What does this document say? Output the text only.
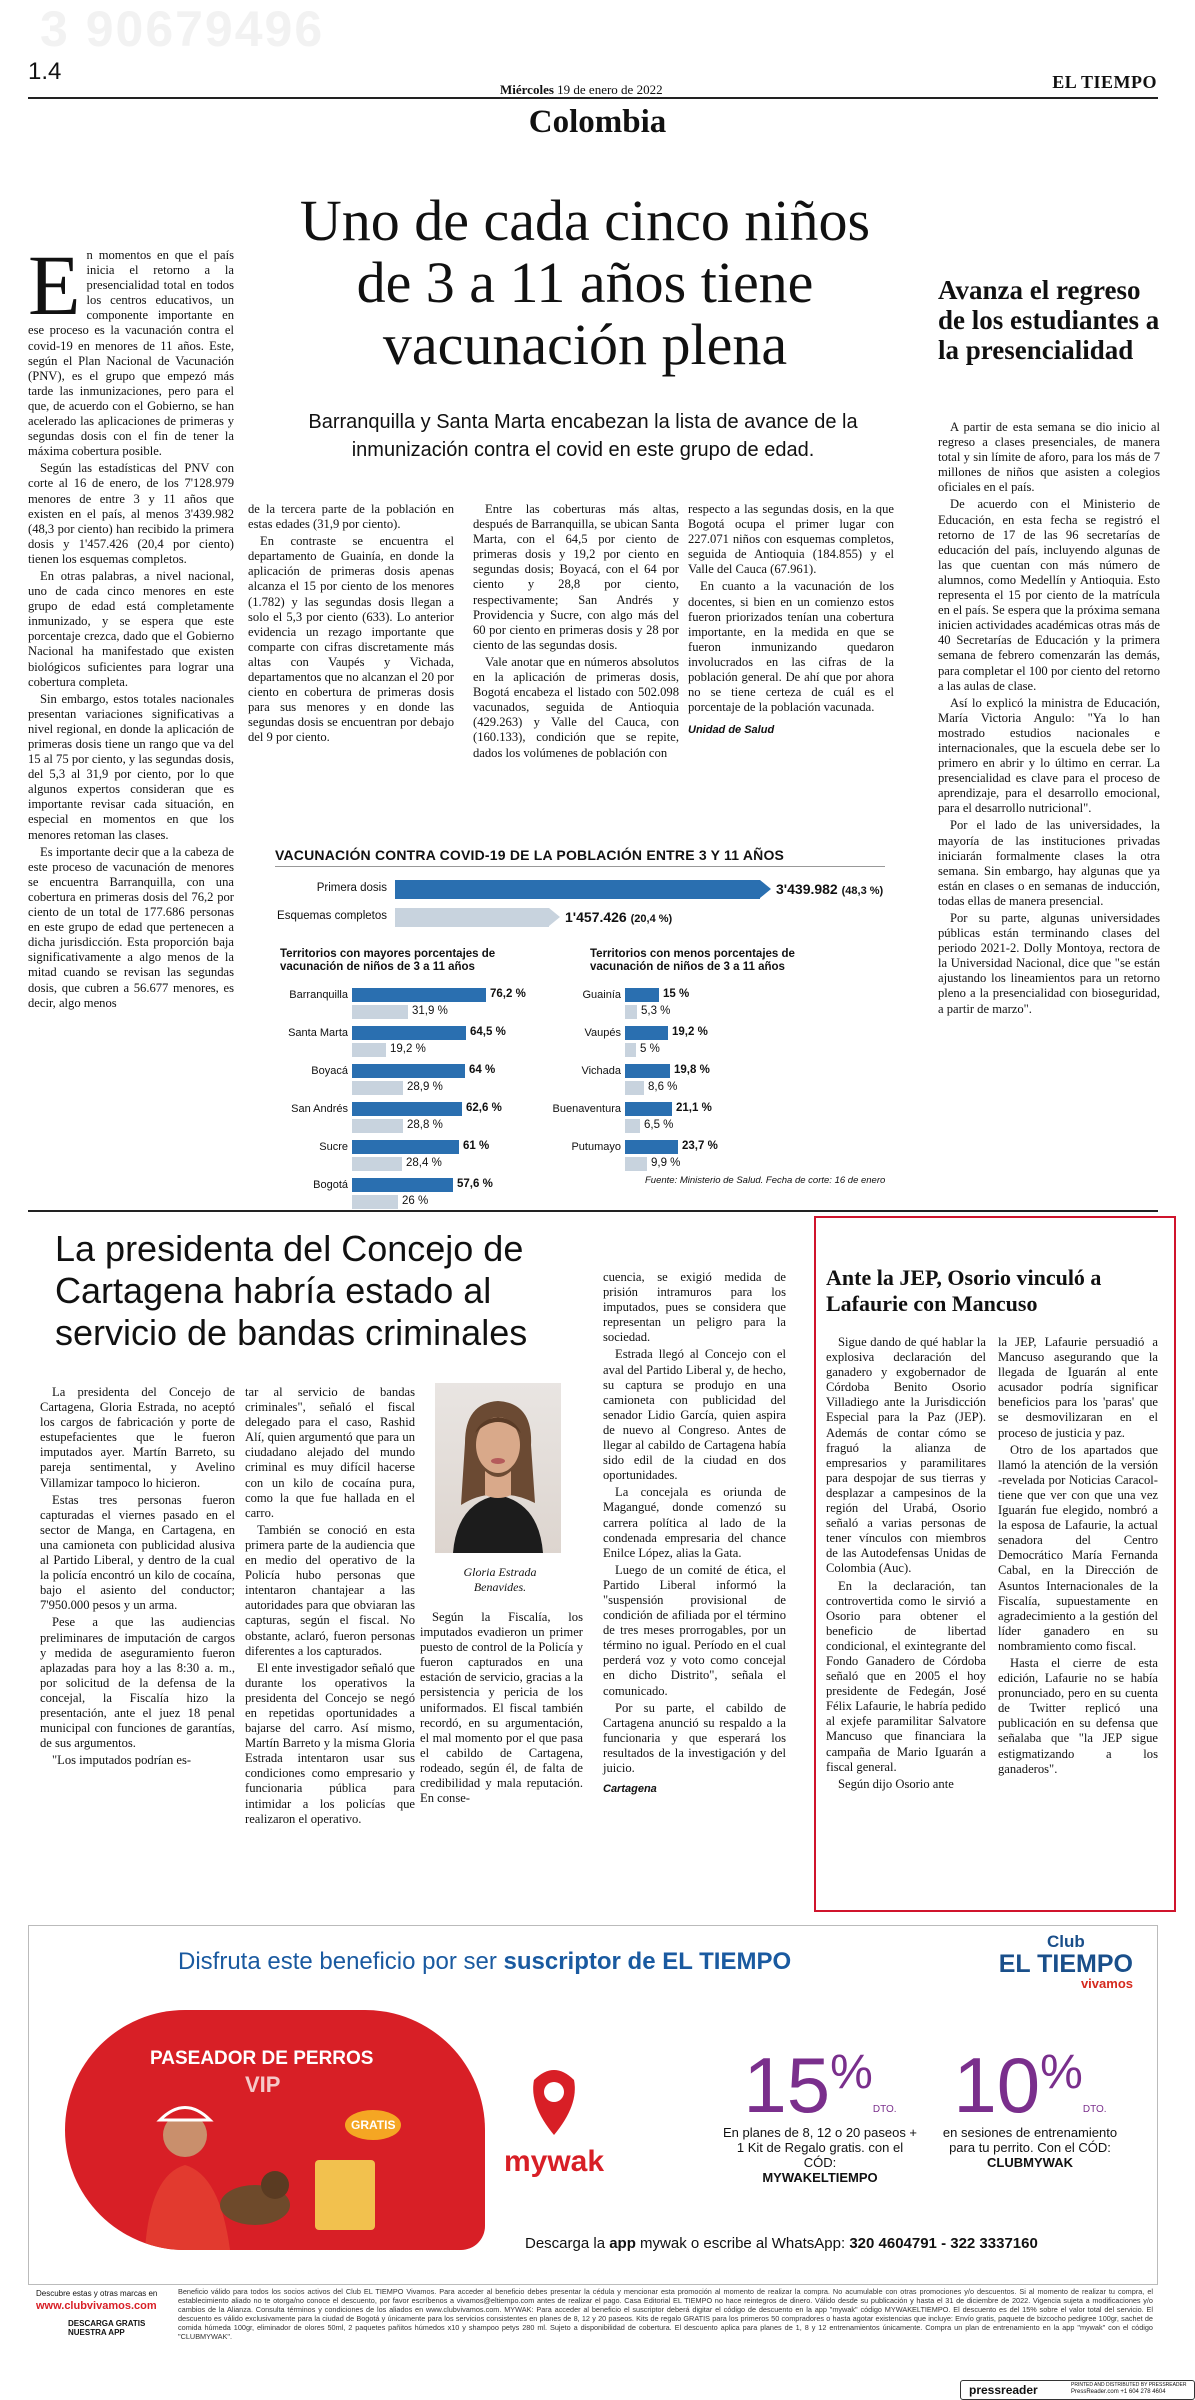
3 90679496
1.4
Miércoles 19 de enero de 2022	EL TIEMPO
Colombia
Uno de cada cinco niños de 3 a 11 años tiene vacunación plena
Barranquilla y Santa Marta encabezan la lista de avance de la inmunización contra el covid en este grupo de edad.
E n momentos en que el país inicia el retorno a la presencialidad total en todos los centros educativos, un componente importante en ese proceso es la vacunación contra el covid-19 en menores de 11 años. Este, según el Plan Nacional de Vacunación (PNV), es el grupo que empezó más tarde las inmunizaciones, pero para el que, de acuerdo con el Gobierno, se han acelerado las aplicaciones de primeras y segundas dosis con el fin de tener la máxima cobertura posible.

Según las estadísticas del PNV con corte al 16 de enero, de los 7'128.979 menores de entre 3 y 11 años que existen en el país, al menos 3'439.982 (48,3 por ciento) han recibido la primera dosis y 1'457.426 (20,4 por ciento) tienen los esquemas completos.

En otras palabras, a nivel nacional, uno de cada cinco menores en este grupo de edad está completamente inmunizado, y se espera que este porcentaje crezca, dado que el Gobierno Nacional ha manifestado que existen biológicos suficientes para lograr una cobertura completa.

Sin embargo, estos totales nacionales presentan variaciones significativas a nivel regional, en donde la aplicación de primeras dosis tiene un rango que va del 15 al 75 por ciento, y las segundas dosis, del 5,3 al 31,9 por ciento, por lo que algunos expertos consideran que es importante revisar cada situación, en especial en momentos en que los menores retoman las clases.

Es importante decir que a la cabeza de este proceso de vacunación de menores se encuentra Barranquilla, con una cobertura en primeras dosis del 76,2 por ciento de un total de 177.686 personas en este grupo de edad que pertenecen a dicha jurisdicción. Esta proporción baja significativamente a algo menos de la mitad cuando se revisan las segundas dosis, que cubren a 56.677 menores, es decir, algo menos

de la tercera parte de la población en estas edades (31,9 por ciento).

En contraste se encuentra el departamento de Guainía, en donde la aplicación de primeras dosis apenas alcanza el 15 por ciento de los menores (1.782) y las segundas dosis llegan a solo el 5,3 por ciento (633). Lo anterior evidencia un rezago importante que comparte con cifras discretamente más altas con Vaupés y Vichada, departamentos que no alcanzan el 20 por ciento en cobertura de primeras dosis para sus menores y en donde las segundas dosis se encuentran por debajo del 9 por ciento.

Entre las coberturas más altas, después de Barranquilla, se ubican Santa Marta, con el 64,5 por ciento de primeras dosis y 19,2 por ciento en segundas dosis; Boyacá, con el 64 por ciento y 28,8 por ciento, respectivamente; San Andrés y Providencia y Sucre, con algo más del 60 por ciento en primeras dosis y 28 por ciento de las segundas dosis.

Vale anotar que en números absolutos en la aplicación de primeras dosis, Bogotá encabeza el listado con 502.098 vacunados, seguida de Antioquia (429.263) y Valle del Cauca, con (160.133), condición que se repite, dados los volúmenes de población con

respecto a las segundas dosis, en la que Bogotá ocupa el primer lugar con 227.071 niños con esquemas completos, seguida de Antioquia (184.855) y el Valle del Cauca (67.961).

En cuanto a la vacunación de los docentes, si bien en un comienzo estos fueron priorizados tenían una cobertura importante, en la medida en que se fueron inmunizando quedaron involucrados en las cifras de la población general. De ahí que por ahora no se tiene certeza de cuál es el porcentaje de la población vacunada.

Unidad de Salud
VACUNACIÓN CONTRA COVID-19 DE LA POBLACIÓN ENTRE 3 Y 11 AÑOS
Fuente: Ministerio de Salud. Fecha de corte: 16 de enero
Avanza el regreso de los estudiantes a la presencialidad

A partir de esta semana se dio inicio al regreso a clases presenciales, de manera total y sin límite de aforo, para los más de 7 millones de niños que asisten a colegios oficiales en el país.

De acuerdo con el Ministerio de Educación, en esta fecha se registró el retorno de 17 de las 96 secretarías de educación del país, incluyendo algunas de las que cuentan con más número de alumnos, como Medellín y Antioquia. Esto representa el 15 por ciento de la matrícula en el país. Se espera que la próxima semana inicien actividades académicas otras más de 40 Secretarías de Educación y la primera semana de febrero comenzarán las demás, para completar el 100 por ciento del retorno a las aulas de clase.

Así lo explicó la ministra de Educación, María Victoria Angulo: "Ya lo han mostrado estudios nacionales e internacionales, que la escuela debe ser lo primero en abrir y lo último en cerrar. La presencialidad es clave para el proceso de aprendizaje, para el desarrollo emocional, para el desarrollo nutricional".

Por el lado de las universidades, la mayoría de las instituciones privadas iniciarán formalmente clases la otra semana. Sin embargo, hay algunas que ya están en clases o en semanas de inducción, todas ellas de manera presencial.

Por su parte, algunas universidades públicas están terminando clases del periodo 2021-2. Dolly Montoya, rectora de la Universidad Nacional, dice que "se están ajustando los lineamientos para un retorno pleno a la presencialidad con bioseguridad, a partir de marzo".

La presidenta del Concejo de Cartagena habría estado al servicio de bandas criminales

La presidenta del Concejo de Cartagena, Gloria Estrada, no aceptó los cargos de fabricación y porte de estupefacientes que le fueron imputados ayer. Martín Barreto, su pareja sentimental, y Avelino Villamizar tampoco lo hicieron.

Estas tres personas fueron capturadas el viernes pasado en el sector de Manga, en Cartagena, en una camioneta con publicidad alusiva al Partido Liberal, y dentro de la cual la policía encontró un kilo de cocaína, bajo el asiento del conductor; 7'950.000 pesos y un arma.

Pese a que las audiencias preliminares de imputación de cargos y medida de aseguramiento fueron aplazadas para hoy a las 8:30 a. m., por solicitud de la defensa de la concejal, la Fiscalía hizo la presentación, ante el juez 18 penal municipal con funciones de garantías, de sus argumentos.

"Los imputados podrían es-

tar al servicio de bandas criminales", señaló el fiscal delegado para el caso, Rashid Alí, quien argumentó que para un ciudadano alejado del mundo criminal es muy difícil hacerse con un kilo de cocaína pura, como la que fue hallada en el carro.

También se conoció en esta primera parte de la audiencia que en medio del operativo de la Policía hubo personas que intentaron chantajear a las autoridades para que obviaran las capturas, según el fiscal. No obstante, aclaró, fueron personas diferentes a los capturados.

El ente investigador señaló que durante los operativos la presidenta del Concejo se negó en repetidas oportunidades a bajarse del carro. Así mismo, Martín Barreto y la misma Gloria Estrada intentaron usar sus condiciones como empresario y funcionaria pública para intimidar a los policías que realizaron el operativo.

Gloria Estrada Benavides.

Según la Fiscalía, los imputados evadieron un primer puesto de control de la Policía y fueron capturados en una estación de servicio, gracias a la persistencia y pericia de los uniformados. El fiscal también recordó, en su argumentación, el mal momento por el que pasa el cabildo de Cartagena, rodeado, según él, de falta de credibilidad y mala reputación. En conse-

cuencia, se exigió medida de prisión intramuros para los imputados, pues se considera que representan un peligro para la sociedad.

Estrada llegó al Concejo con el aval del Partido Liberal y, de hecho, su captura se produjo en una camioneta con publicidad del senador Lidio García, quien aspira de nuevo al Congreso. Antes de llegar al cabildo de Cartagena había sido edil de la ciudad en dos oportunidades.

La concejala es oriunda de Magangué, donde comenzó su carrera política al lado de la condenada empresaria del chance Enilce López, alias la Gata.

Luego de un comité de ética, el Partido Liberal informó la "suspensión provisional de condición de afiliada por el término de tres meses prorrogables, por un término no igual. Período en el cual perderá voz y voto como concejal en dicho Distrito", señala el comunicado.

Por su parte, el cabildo de Cartagena anunció su respaldo a la funcionaria y que esperará los resultados de la investigación y del juicio.

Cartagena
Ante la JEP, Osorio vinculó a Lafaurie con Mancuso

Sigue dando de qué hablar la explosiva declaración del ganadero y exgobernador de Córdoba Benito Osorio Villadiego ante la Jurisdicción Especial para la Paz (JEP). Además de contar cómo se fraguó la alianza de empresarios y paramilitares para despojar de sus tierras y desplazar a campesinos de la región del Urabá, Osorio señaló a varias personas de tener vínculos con miembros de las Autodefensas Unidas de Colombia (Auc).

En la declaración, tan controvertida como le sirvió a Osorio para obtener el beneficio de libertad condicional, el exintegrante del Fondo Ganadero de Córdoba señaló que en 2005 el hoy presidente de Fedegán, José Félix Lafaurie, le habría pedido al exjefe paramilitar Salvatore Mancuso que financiara la campaña de Mario Iguarán a fiscal general.

Según dijo Osorio ante

la JEP, Lafaurie persuadió a Mancuso asegurando que la llegada de Iguarán al ente acusador podría significar beneficios para los 'paras' que se desmovilizaran en el proceso de justicia y paz.

Otro de los apartados que llamó la atención de la versión -revelada por Noticias Caracol- tiene que ver con que una vez Iguarán fue elegido, nombró a la esposa de Lafaurie, la actual senadora del Centro Democrático María Fernanda Cabal, en la Dirección de Asuntos Internacionales de la Fiscalía, supuestamente en agradecimiento a la gestión del líder ganadero en su nombramiento como fiscal.

Hasta el cierre de esta edición, Lafaurie no se había pronunciado, pero en su cuenta de Twitter replicó una publicación en su defensa que señalaba que "la JEP sigue estigmatizando a los ganaderos".

Disfruta este beneficio por ser suscriptor de EL TIEMPO
Club
EL TIEMPO
vivamos
PASEADOR DE PERROS
VIP
GRATIS
mywak
15%DTO.
En planes de 8, 12 o 20 paseos + 1 Kit de Regalo gratis. con el CÓD:
MYWAKELTIEMPO
10%DTO.
en sesiones de entrenamiento para tu perrito. Con el CÓD:
CLUBMYWAK
Descarga la app mywak o escribe al WhatsApp: 320 4604791 - 322 3337160
Descubre estas y otras marcas en
www.clubvivamos.com
DESCARGA GRATIS NUESTRA APP
Beneficio válido para todos los socios activos del Club EL TIEMPO Vivamos. Para acceder al beneficio debes presentar la cédula y mencionar esta promoción al momento de realizar la compra. No acumulable con otras promociones y/o descuentos. Si al momento de realizar tu compra, el establecimiento aliado no te otorga/no conoce el descuento, por favor escríbenos a vivamos@eltiempo.com antes de realizar el pago. Casa Editorial EL TIEMPO no hace reintegros de dinero. Válido desde su publicación y hasta el 31 de diciembre de 2022. Vigencia sujeta a modificaciones y/o cambios de la Alianza. Consulta términos y condiciones de los aliados en www.clubvivamos.com. MYWAK: Para acceder al beneficio el suscriptor deberá digitar el código de descuento en la app "mywak" código MYWAKELTIEMPO. El descuento es del 15% sobre el valor total del servicio. El descuento es válido exclusivamente para la ciudad de Bogotá y únicamente para los servicios consistentes en planes de 8, 12 y 20 paseos. Kits de regalo GRATIS para los primeros 50 compradores o hasta agotar existencias que incluye: Envío gratis, paquete de bizcocho pedigree 100gr, sachet de comida húmeda 100gr, eliminador de olores 50ml, 2 paquetes pañitos húmedos x10 y shampoo petys 280 ml. Sujeto a disponibilidad de cobertura. El descuento aplica para planes de 1, 8 y 12 entrenamientos únicamente. Compra un plan de entrenamiento en la app "mywak" con el código "CLUBMYWAK".
pressreader	PRINTED AND DISTRIBUTED BY PRESSREADER
PressReader.com +1 604 278 4604
Primera dosis	3'439.982 (48,3 %)
Esquemas completos	1'457.426 (20,4 %)
Territorios con mayores porcentajes de vacunación de niños de 3 a 11 años
Barranquilla	76,2 %
31,9 %
Santa Marta	64,5 %
19,2 %
Boyacá	64 %
28,9 %
San Andrés	62,6 %
28,8 %
Sucre	61 %
28,4 %
Bogotá	57,6 %
26 %
Territorios con menos porcentajes de vacunación de niños de 3 a 11 años
Guainía	15 %
5,3 %
Vaupés	19,2 %
5 %
Vichada	19,8 %
8,6 %
Buenaventura	21,1 %
6,5 %
Putumayo	23,7 %
9,9 %
